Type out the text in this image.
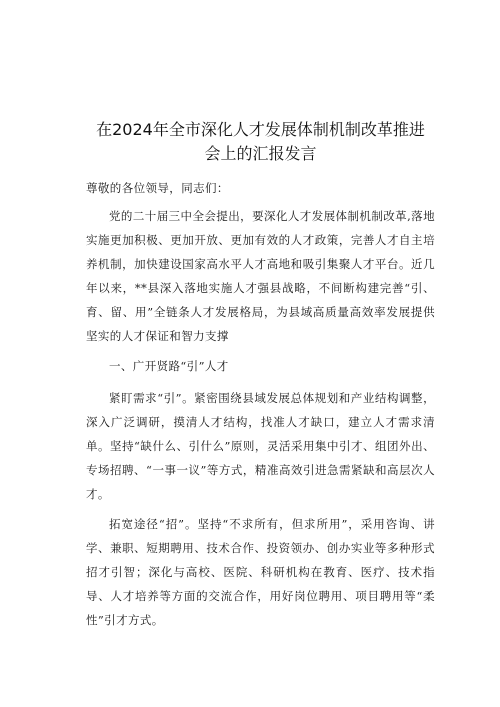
在2024年全市深化人才发展体制机制改革推进
会上的汇报发言

尊敬的各位领导，同志们：

党的二十届三中全会提出，要深化人才发展体制机制改革,落地实施更加积极、更加开放、更加有效的人才政策，完善人才自主培养机制，加快建设国家高水平人才高地和吸引集聚人才平台。近几年以来，**县深入落地实施人才强县战略，不间断构建完善“引、育、留、用”全链条人才发展格局，为县域高质量高效率发展提供坚实的人才保证和智力支撑

一、广开贤路“引”人才

紧盯需求“引”。紧密围绕县域发展总体规划和产业结构调整，深入广泛调研，摸清人才结构，找准人才缺口，建立人才需求清单。坚持“缺什么、引什么”原则，灵活采用集中引才、组团外出、专场招聘、“一事一议”等方式，精准高效引进急需紧缺和高层次人才。

拓宽途径“招”。坚持“不求所有，但求所用”，采用咨询、讲学、兼职、短期聘用、技术合作、投资领办、创办实业等多种形式招才引智；深化与高校、医院、科研机构在教育、医疗、技术指导、人才培养等方面的交流合作，用好岗位聘用、项目聘用等“柔性”引才方式。
